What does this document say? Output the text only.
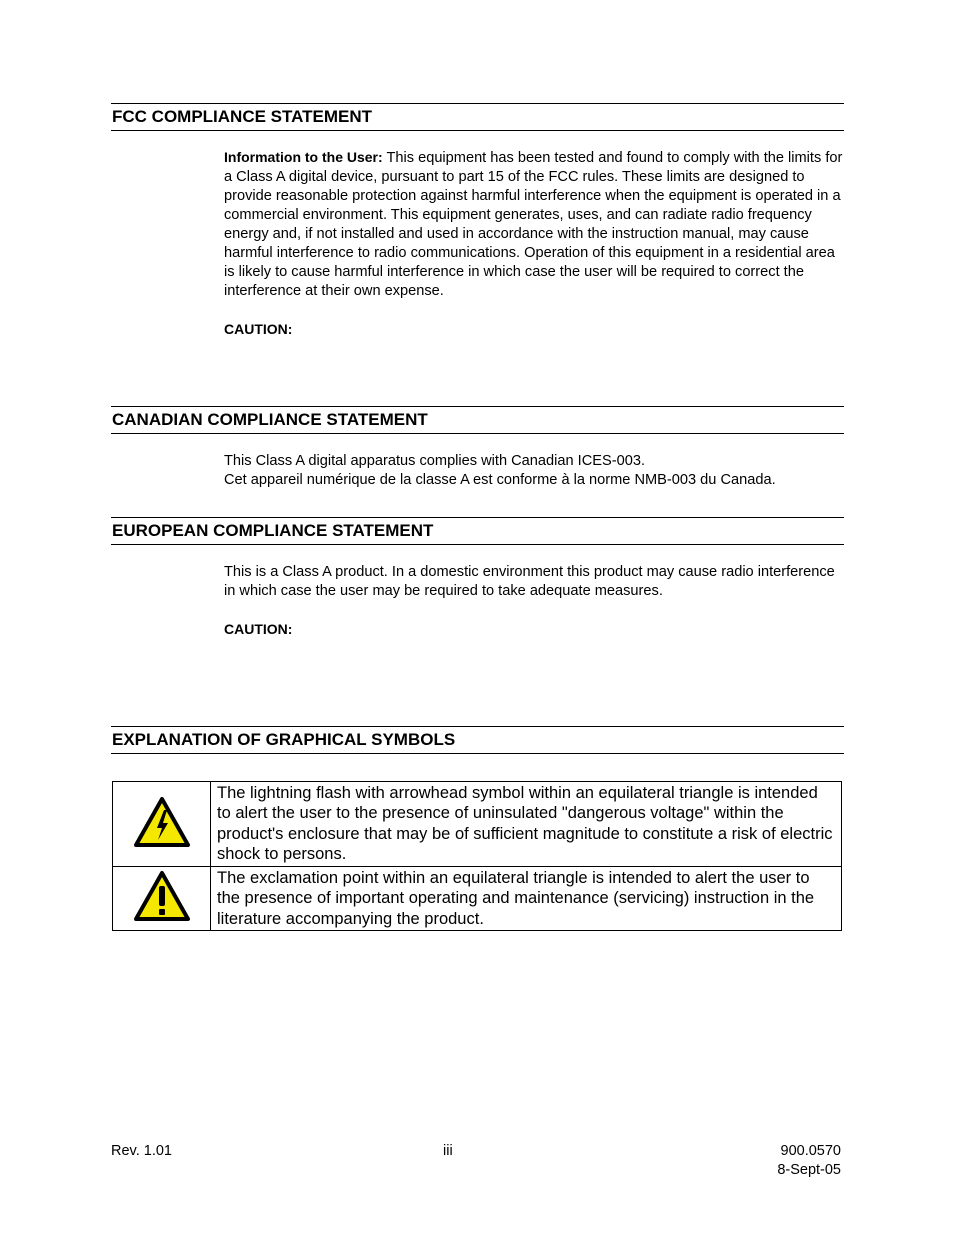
FCC COMPLIANCE STATEMENT

Information to the User: This equipment has been tested and found to comply with the limits for a Class A digital device, pursuant to part 15 of the FCC rules. These limits are designed to provide reasonable protection against harmful interference when the equipment is operated in a commercial environment. This equipment generates, uses, and can radiate radio frequency energy and, if not installed and used in accordance with the instruction manual, may cause harmful interference to radio communications. Operation of this equipment in a residential area is likely to cause harmful interference in which case the user will be required to correct the interference at their own expense.

CAUTION:
CANADIAN COMPLIANCE STATEMENT

This Class A digital apparatus complies with Canadian ICES-003.

Cet appareil numérique de la classe A est conforme à la norme NMB-003 du Canada.

EUROPEAN COMPLIANCE STATEMENT

This is a Class A product. In a domestic environment this product may cause radio interference in which case the user may be required to take adequate measures.

CAUTION:
EXPLANATION OF GRAPHICAL SYMBOLS
	The lightning flash with arrowhead symbol within an equilateral triangle is intended to alert the user to the presence of uninsulated "dangerous voltage" within the product's enclosure that may be of sufficient magnitude to constitute a risk of electric shock to persons.
	The exclamation point within an equilateral triangle is intended to alert the user to the presence of important operating and maintenance (servicing) instruction in the literature accompanying the product.
Rev. 1.01	iii	900.0570
8-Sept-05
